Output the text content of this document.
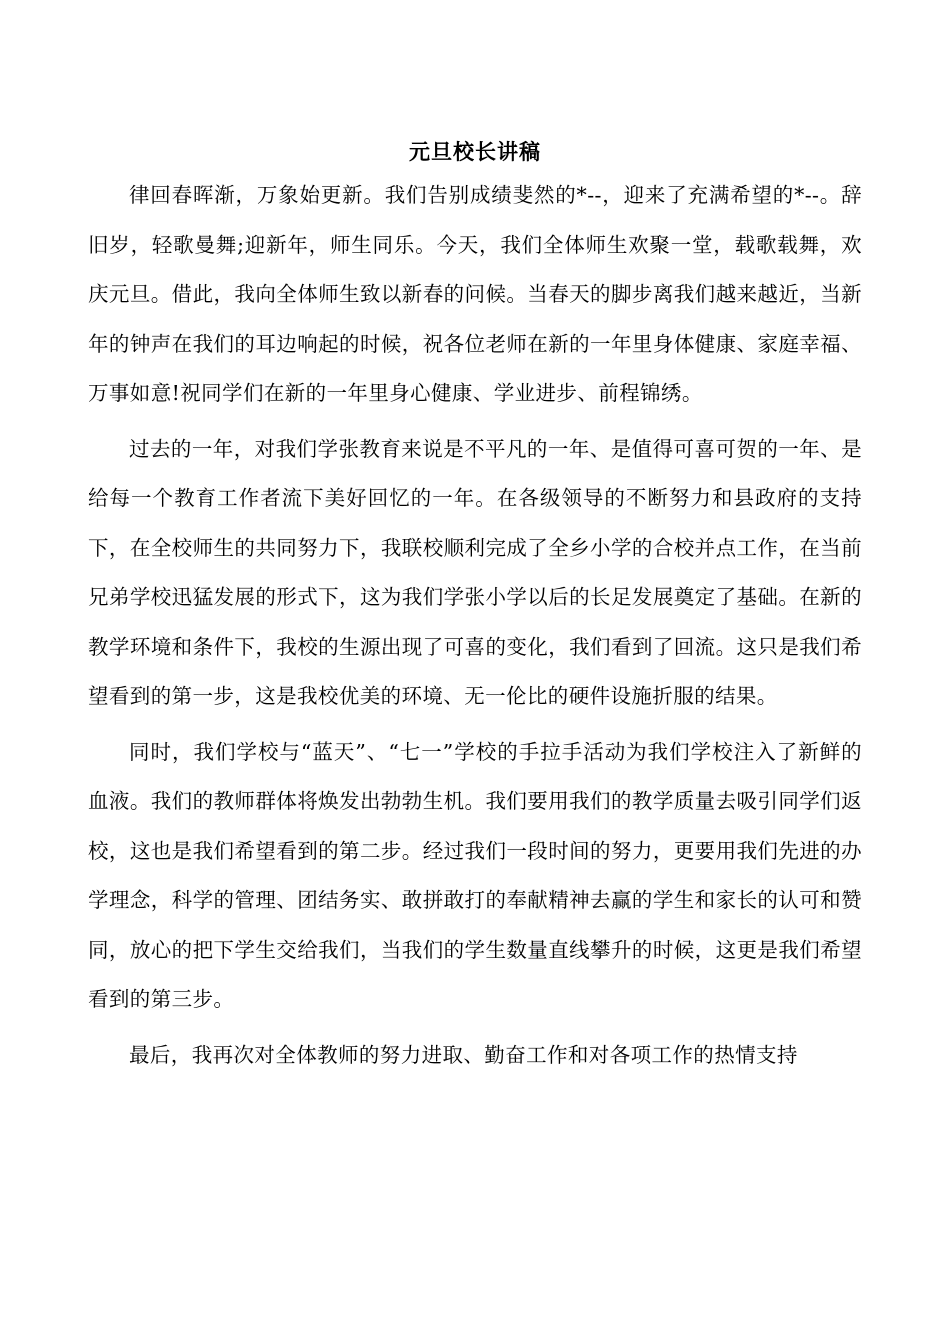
元旦校长讲稿

律回春晖渐，万象始更新。我们告别成绩斐然的*--，迎来了充满希望的*--。辞旧岁，轻歌曼舞;迎新年，师生同乐。今天，我们全体师生欢聚一堂，载歌载舞，欢庆元旦。借此，我向全体师生致以新春的问候。当春天的脚步离我们越来越近，当新年的钟声在我们的耳边响起的时候，祝各位老师在新的一年里身体健康、家庭幸福、万事如意!祝同学们在新的一年里身心健康、学业进步、前程锦绣。

过去的一年，对我们学张教育来说是不平凡的一年、是值得可喜可贺的一年、是给每一个教育工作者流下美好回忆的一年。在各级领导的不断努力和县政府的支持下，在全校师生的共同努力下，我联校顺利完成了全乡小学的合校并点工作，在当前兄弟学校迅猛发展的形式下，这为我们学张小学以后的长足发展奠定了基础。在新的教学环境和条件下，我校的生源出现了可喜的变化，我们看到了回流。这只是我们希望看到的第一步，这是我校优美的环境、无一伦比的硬件设施折服的结果。

同时，我们学校与“蓝天”、“七一”学校的手拉手活动为我们学校注入了新鲜的血液。我们的教师群体将焕发出勃勃生机。我们要用我们的教学质量去吸引同学们返校，这也是我们希望看到的第二步。经过我们一段时间的努力，更要用我们先进的办学理念，科学的管理、团结务实、敢拼敢打的奉献精神去赢的学生和家长的认可和赞同，放心的把下学生交给我们，当我们的学生数量直线攀升的时候，这更是我们希望看到的第三步。

最后，我再次对全体教师的努力进取、勤奋工作和对各项工作的热情支持
